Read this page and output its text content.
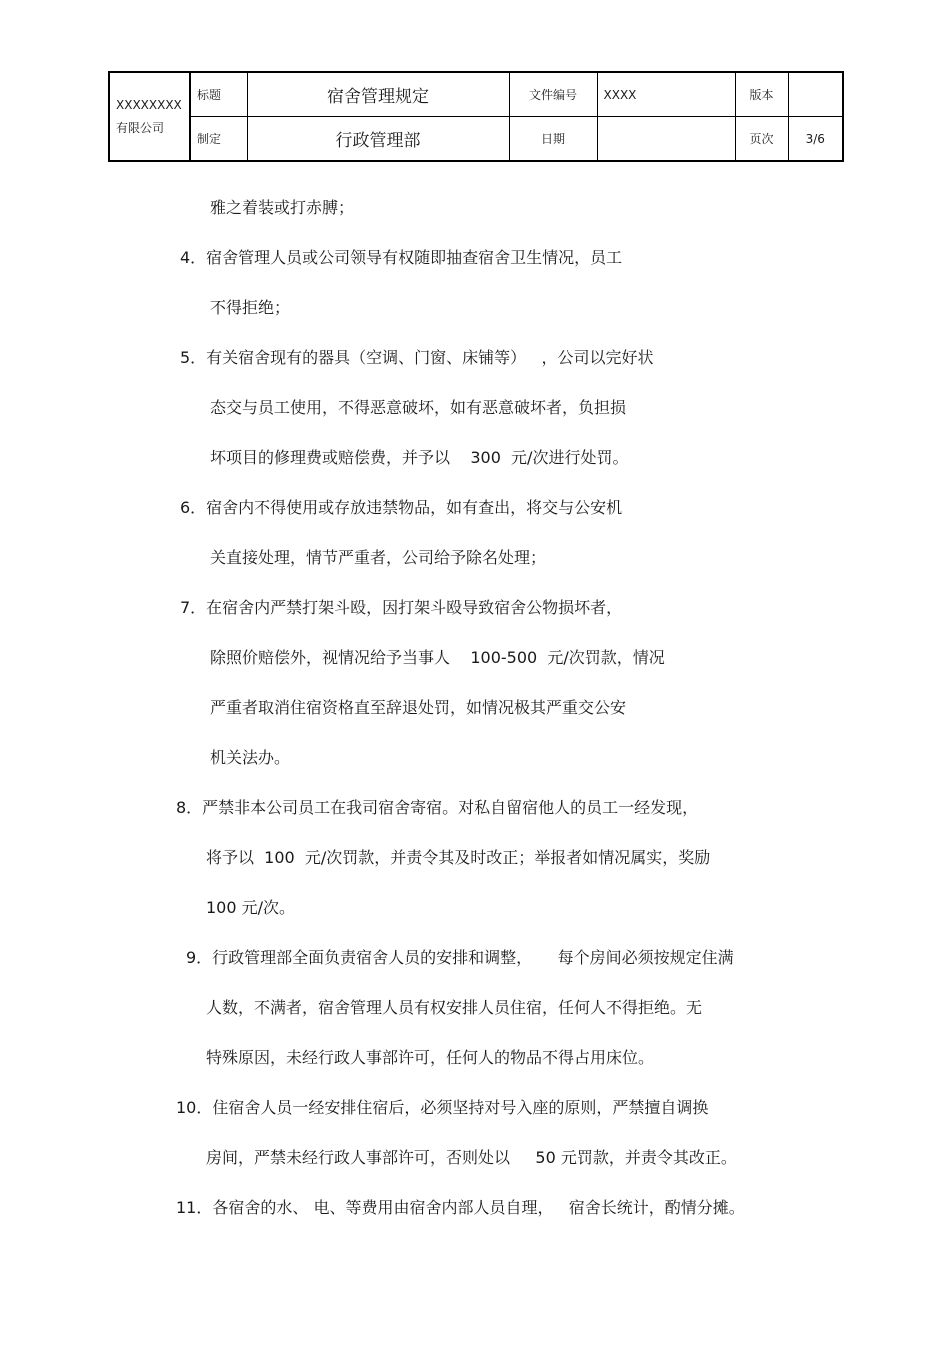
XXXXXXXX 有限公司	标题	宿舍管理规定	文件编号	XXXX	版本	
	制定	行政管理部	日期		页次	3/6

雅之着装或打赤膊；

4．宿舍管理人员或公司领导有权随即抽查宿舍卫生情况，员工

不得拒绝；

5．有关宿舍现有的器具（空调、门窗、床铺等）   ，公司以完好状

态交与员工使用，不得恶意破坏，如有恶意破坏者，负担损

坏项目的修理费或赔偿费，并予以    300  元/次进行处罚。

6．宿舍内不得使用或存放违禁物品，如有查出，将交与公安机

关直接处理，情节严重者，公司给予除名处理；

7．在宿舍内严禁打架斗殴，因打架斗殴导致宿舍公物损坏者，

除照价赔偿外，视情况给予当事人    100-500  元/次罚款，情况

严重者取消住宿资格直至辞退处罚，如情况极其严重交公安

机关法办。

8．严禁非本公司员工在我司宿舍寄宿。对私自留宿他人的员工一经发现，

将予以  100  元/次罚款，并责令其及时改正；举报者如情况属实，奖励

100 元/次。

9．行政管理部全面负责宿舍人员的安排和调整，     每个房间必须按规定住满

人数，不满者，宿舍管理人员有权安排人员住宿，任何人不得拒绝。无

特殊原因，未经行政人事部许可，任何人的物品不得占用床位。

10．住宿舍人员一经安排住宿后，必须坚持对号入座的原则，严禁擅自调换

房间，严禁未经行政人事部许可，否则处以     50 元罚款，并责令其改正。

11．各宿舍的水、 电、等费用由宿舍内部人员自理，   宿舍长统计，酌情分摊。
